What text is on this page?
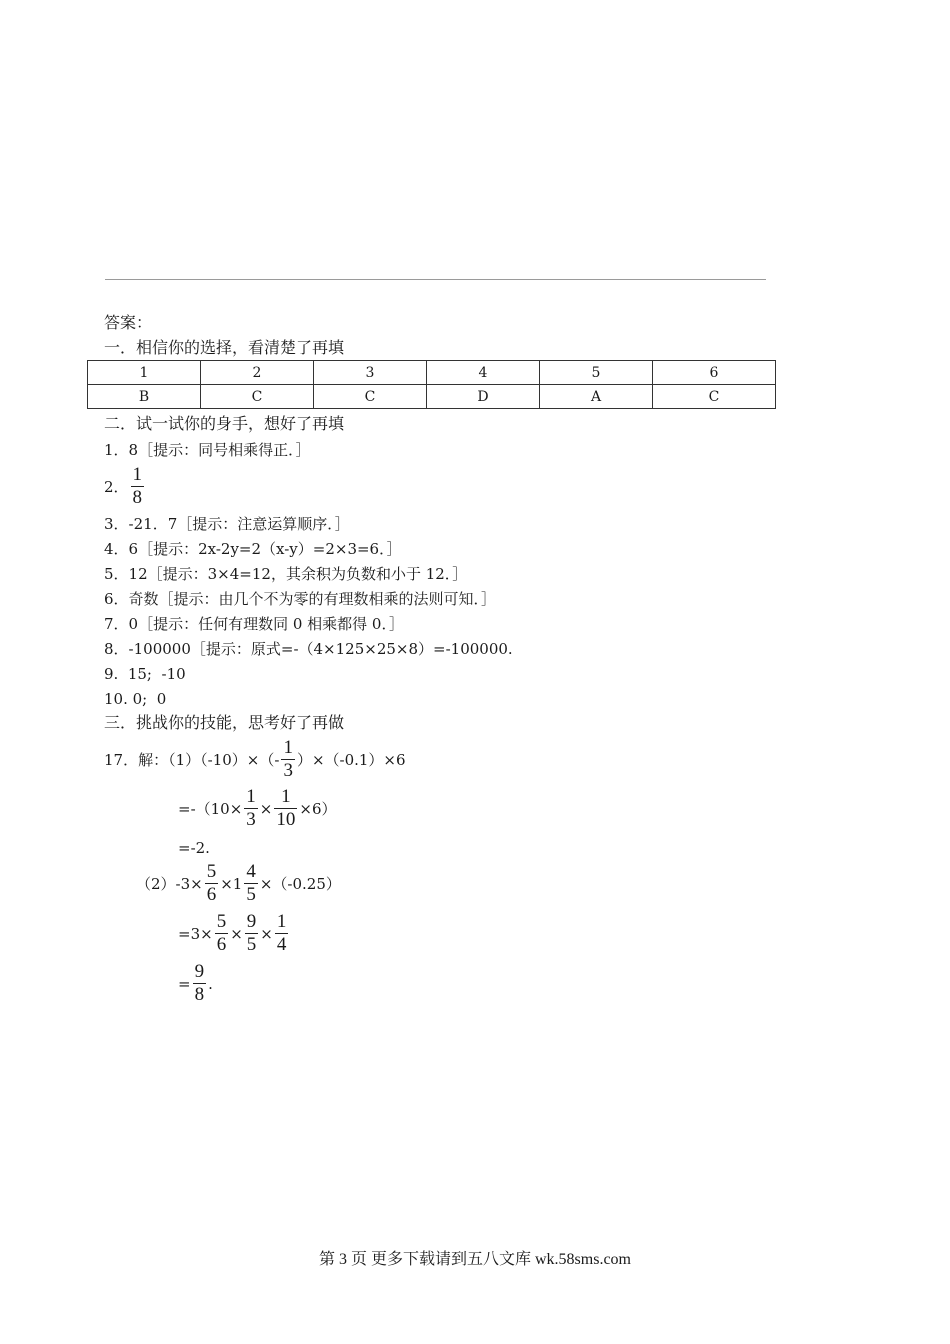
答案：
一．相信你的选择，看清楚了再填
1	2	3	4	5	6
B	C	C	D	A	C
二．试一试你的身手，想好了再填
1．8［提示：同号相乘得正．］
2． $\frac{1}{8}$
3．-21．7［提示：注意运算顺序．］
4．6［提示：2x-2y=2（x-y）=2×3=6．］
5．12［提示：3×4=12，其余积为负数和小于 12．］
6．奇数［提示：由几个不为零的有理数相乘的法则可知．］
7．0［提示：任何有理数同 0 相乘都得 0．］
8．-100000［提示：原式=-（4×125×25×8）=-100000.
9.  15;  -10
10. 0;  0
三．挑战你的技能，思考好了再做
17．解：$(1)(-10)\times(- \frac{1}{3} )\times(-0.1)\times 6$
$=-(10\times \frac{1}{3} \times \frac{1}{10} \times 6)$
=-2.
$(2)-3\times \frac{5}{6} \times 1 \frac{4}{5} \times(-0.25)$
$=3\times \frac{5}{6} \times \frac{9}{5} \times \frac{1}{4}$
= $\frac{9}{8}$ .
第 3 页 更多下载请到五八文库 wk.58sms.com
